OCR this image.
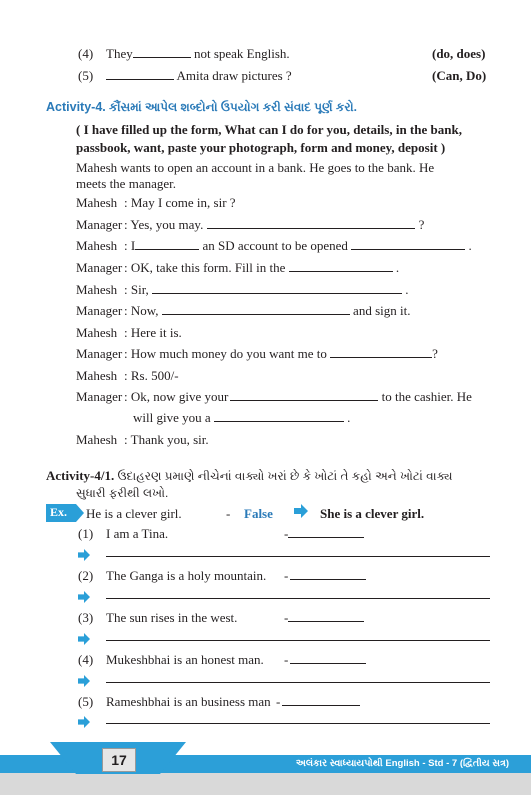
(4) They	not speak English.	(do, does)
(5)	Amita draw pictures ?	(Can, Do)
Activity-4. કૌંસમાં આપેલ શબ્દોનો ઉપયોગ કરી સંવાદ પૂર્ણ કરો.
( I have filled up the form, What can I do for you, details, in the bank,
passbook, want, paste your photograph, form and money, deposit )
Mahesh wants to open an account in a bank. He goes to the bank. He
meets the manager.
Mahesh : May I come in, sir ?
Manager : Yes, you may.	?
Mahesh : I	an SD account to be opened	.
Manager : OK, take this form. Fill in the	.
Mahesh : Sir,	.
Manager : Now,	and sign it.
Mahesh : Here it is.
Manager : How much money do you want me to	?
Mahesh : Rs. 500/-
Manager : Ok, now give your	to the cashier. He
will give you a	.
Mahesh : Thank you, sir.
Activity-4/1. ઉદાહરણ પ્રમાણે નીચેનાં વાક્યો ખરાં છે કે ખોટાં તે કહો અને ખોટાં વાક્ય
સુધારી ફરીથી લખો.
Ex. He is a clever girl.	- False	She is a clever girl.
(1) I am a Tina.	-
(2) The Ganga is a holy mountain. -
(3) The sun rises in the west.	-
(4) Mukeshbhai is an honest man. -
(5) Rameshbhai is an business man -
17	અલંકાર સ્વાધ્યાયપોથી English - Std - 7 (દ્વિતીય સત્ર)
